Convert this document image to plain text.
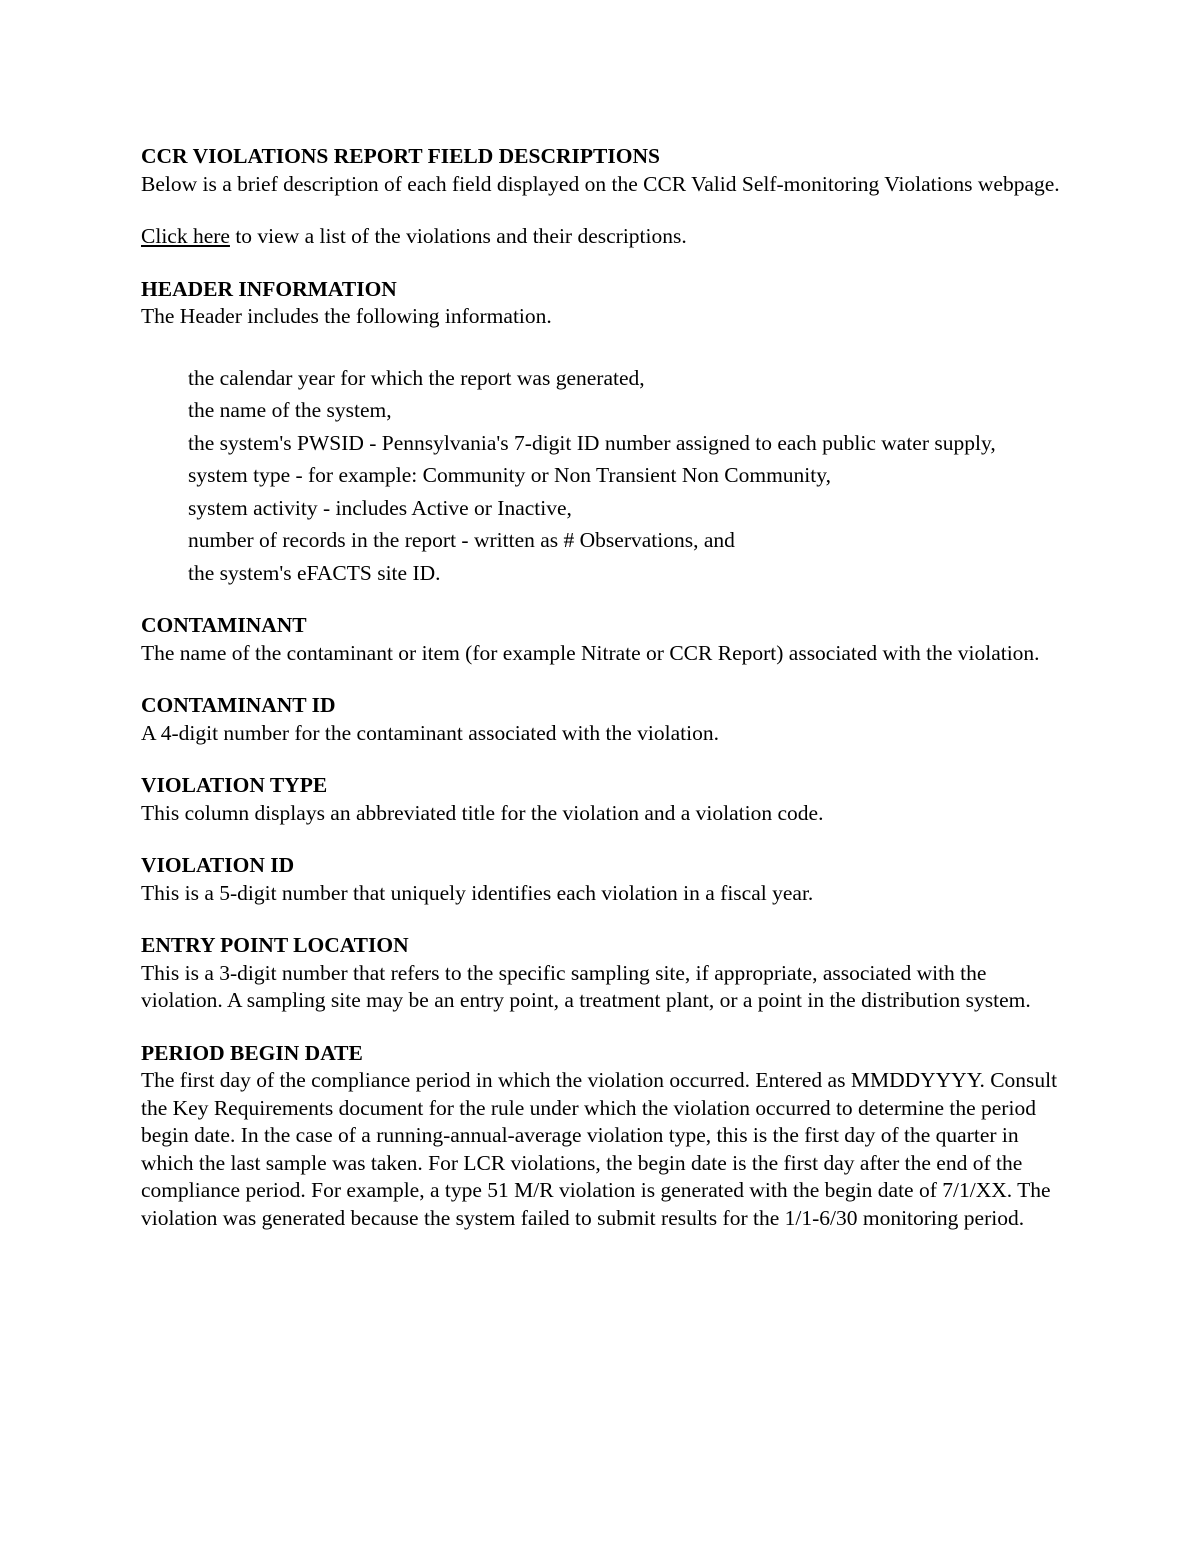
CCR VIOLATIONS REPORT FIELD DESCRIPTIONS

Below is a brief description of each field displayed on the CCR Valid Self-monitoring Violations webpage.

Click here to view a list of the violations and their descriptions.

HEADER INFORMATION

The Header includes the following information.

the calendar year for which the report was generated,
the name of the system,
the system's PWSID - Pennsylvania's 7-digit ID number assigned to each public water supply,
system type - for example: Community or Non Transient Non Community,
system activity - includes Active or Inactive,
number of records in the report - written as # Observations, and
the system's eFACTS site ID.

CONTAMINANT

The name of the contaminant or item (for example Nitrate or CCR Report) associated with the violation.

CONTAMINANT ID

A 4-digit number for the contaminant associated with the violation.

VIOLATION TYPE

This column displays an abbreviated title for the violation and a violation code.

VIOLATION ID

This is a 5-digit number that uniquely identifies each violation in a fiscal year.

ENTRY POINT LOCATION

This is a 3-digit number that refers to the specific sampling site, if appropriate, associated with the violation. A sampling site may be an entry point, a treatment plant, or a point in the distribution system.

PERIOD BEGIN DATE

The first day of the compliance period in which the violation occurred. Entered as MMDDYYYY. Consult the Key Requirements document for the rule under which the violation occurred to determine the period begin date. In the case of a running-annual-average violation type, this is the first day of the quarter in which the last sample was taken. For LCR violations, the begin date is the first day after the end of the compliance period. For example, a type 51 M/R violation is generated with the begin date of 7/1/XX. The violation was generated because the system failed to submit results for the 1/1-6/30 monitoring period.
